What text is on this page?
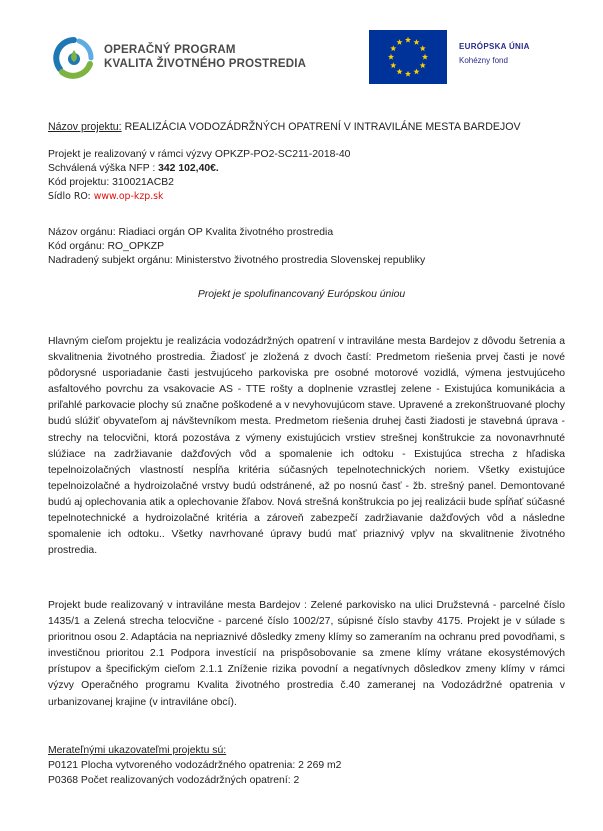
OPERAČNÝ PROGRAM
KVALITA ŽIVOTNÉHO PROSTREDIA
EURÓPSKA ÚNIA
Kohézny fond
Názov projektu: REALIZÁCIA VODOZÁDRŽNÝCH OPATRENÍ V INTRAVILÁNE MESTA BARDEJOV
Projekt je realizovaný v rámci výzvy OPKZP-PO2-SC211-2018-40
Schválená výška NFP : 342 102,40€.
Kód projektu: 310021ACB2
Sídlo RO: www.op-kzp.sk
Názov orgánu: Riadiaci orgán OP Kvalita životného prostredia
Kód orgánu: RO_OPKZP
Nadradený subjekt orgánu: Ministerstvo životného prostredia Slovenskej republiky
Projekt je spolufinancovaný Európskou úniou
Hlavným cieľom projektu je realizácia vodozádržných opatrení v intraviláne mesta Bardejov z dôvodu šetrenia a skvalitnenia životného prostredia. Žiadosť je zložená z dvoch častí: Predmetom riešenia prvej časti je nové pôdorysné usporiadanie časti jestvujúceho parkoviska pre osobné motorové vozidlá, výmena jestvujúceho asfaltového povrchu za vsakovacie AS - TTE rošty a doplnenie vzrastlej zelene - Existujúca komunikácia a priľahlé parkovacie plochy sú značne poškodené a v nevyhovujúcom stave. Upravené a zrekonštruované plochy budú slúžiť obyvateľom aj návštevníkom mesta. Predmetom riešenia druhej časti žiadosti je stavebná úprava - strechy na telocvični, ktorá pozostáva z výmeny existujúcich vrstiev strešnej konštrukcie za novonavrhnuté slúžiace na zadržiavanie dažďových vôd a spomalenie ich odtoku - Existujúca strecha z hľadiska tepelnoizolačných vlastností nespĺňa kritéria súčasných tepelnotechnických noriem. Všetky existujúce tepelnoizolačné a hydroizolačné vrstvy budú odstránené, až po nosnú časť - žb. strešný panel. Demontované budú aj oplechovania atik a oplechovanie žľabov. Nová strešná konštrukcia po jej realizácii bude spĺňať súčasné tepelnotechnické a hydroizolačné kritéria a zároveň zabezpečí zadržiavanie dažďových vôd a následne spomalenie ich odtoku.. Všetky navrhované úpravy budú mať priaznivý vplyv na skvalitnenie životného prostredia.
Projekt bude realizovaný v intraviláne mesta Bardejov : Zelené parkovisko na ulici Družstevná - parcelné číslo 1435/1 a Zelená strecha telocvične - parcené číslo 1002/27, súpisné číslo stavby 4175. Projekt je v súlade s prioritnou osou 2. Adaptácia na nepriaznivé dôsledky zmeny klímy so zameraním na ochranu pred povodňami, s investičnou prioritou 2.1 Podpora investícií na prispôsobovanie sa zmene klímy vrátane ekosystémových prístupov a špecifickým cieľom 2.1.1 Zníženie rizika povodní a negatívnych dôsledkov zmeny klímy v rámci výzvy Operačného programu Kvalita životného prostredia č.40 zameranej na Vodozádržné opatrenia v urbanizovanej krajine (v intraviláne obcí).
Merateľnými ukazovateľmi projektu sú:
P0121 Plocha vytvoreného vodozádržného opatrenia: 2 269 m2
P0368 Počet realizovaných vodozádržných opatrení: 2
